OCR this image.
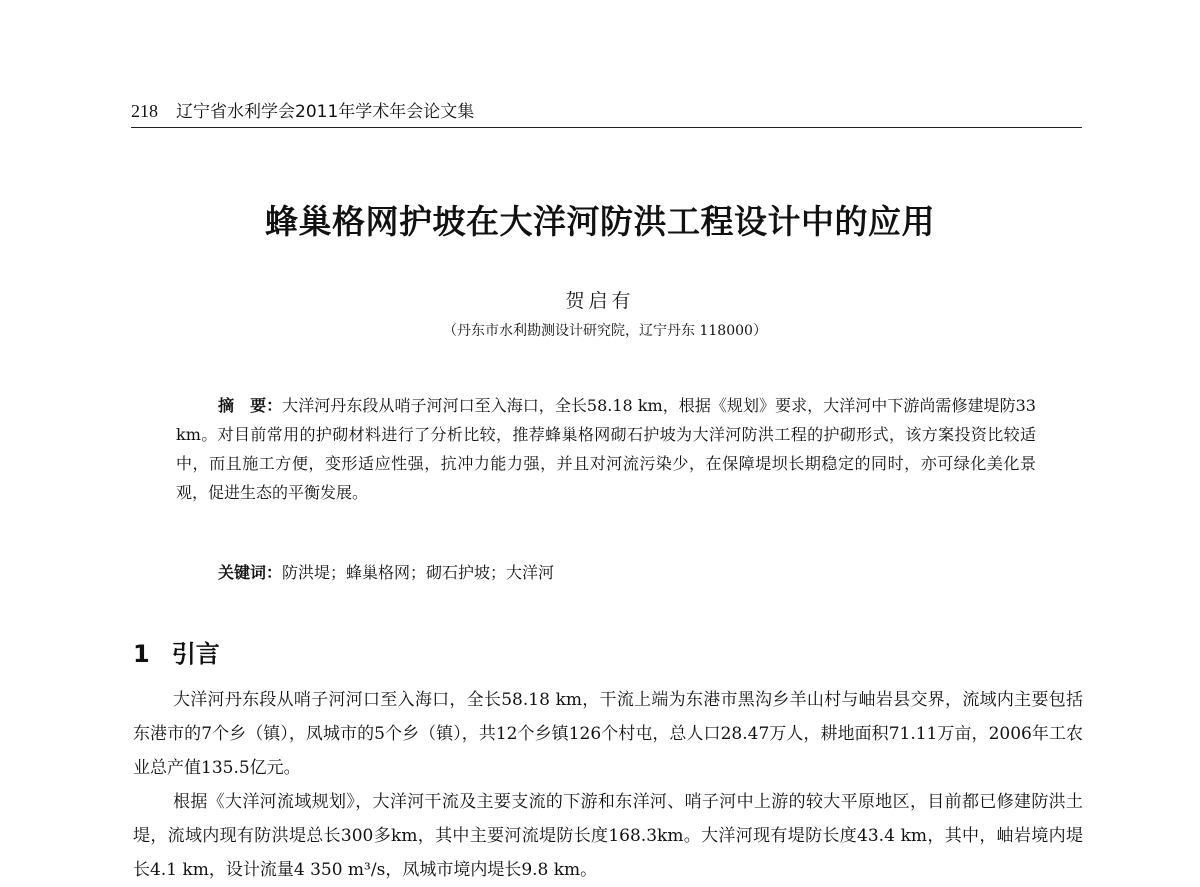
218 辽宁省水利学会2011年学术年会论文集
蜂巢格网护坡在大洋河防洪工程设计中的应用
贺启有
（丹东市水利勘测设计研究院，辽宁丹东 118000）
摘　要：大洋河丹东段从哨子河河口至入海口，全长58.18 km，根据《规划》要求，大洋河中下游尚需修建堤防33 km。对目前常用的护砌材料进行了分析比较，推荐蜂巢格网砌石护坡为大洋河防洪工程的护砌形式，该方案投资比较适中，而且施工方便，变形适应性强，抗冲力能力强，并且对河流污染少，在保障堤坝长期稳定的同时，亦可绿化美化景观，促进生态的平衡发展。
关键词：防洪堤；蜂巢格网；砌石护坡；大洋河
1 引言

大洋河丹东段从哨子河河口至入海口，全长58.18 km，干流上端为东港市黑沟乡羊山村与岫岩县交界，流域内主要包括东港市的7个乡（镇），凤城市的5个乡（镇），共12个乡镇126个村屯，总人口28.47万人，耕地面积71.11万亩，2006年工农业总产值135.5亿元。

根据《大洋河流域规划》，大洋河干流及主要支流的下游和东洋河、哨子河中上游的较大平原地区，目前都已修建防洪土堤，流域内现有防洪堤总长300多km，其中主要河流堤防长度168.3km。大洋河现有堤防长度43.4 km，其中，岫岩境内堤长4.1 km，设计流量4 350 m³/s，凤城市境内堤长9.8 km。
